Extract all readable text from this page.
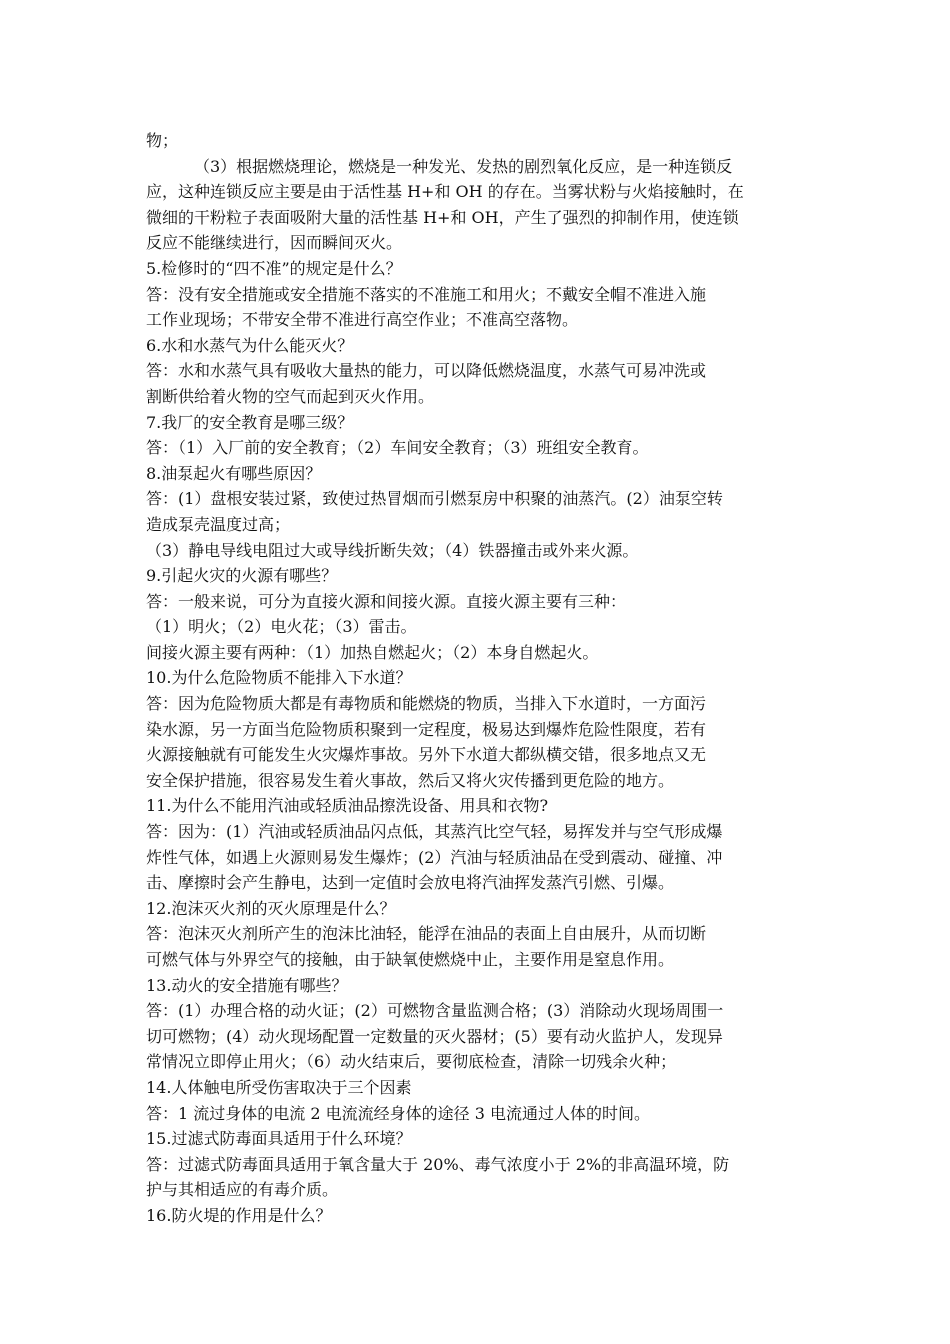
物；
（3）根据燃烧理论，燃烧是一种发光、发热的剧烈氧化反应，是一种连锁反
应，这种连锁反应主要是由于活性基 H+和 OH 的存在。当雾状粉与火焰接触时，在
微细的干粉粒子表面吸附大量的活性基 H+和 OH，产生了强烈的抑制作用，使连锁
反应不能继续进行，因而瞬间灭火。
5.检修时的“四不准”的规定是什么？
答：没有安全措施或安全措施不落实的不准施工和用火；不戴安全帽不准进入施
工作业现场；不带安全带不准进行高空作业；不准高空落物。
6.水和水蒸气为什么能灭火？
答：水和水蒸气具有吸收大量热的能力，可以降低燃烧温度，水蒸气可易冲洗或
割断供给着火物的空气而起到灭火作用。
7.我厂的安全教育是哪三级？
答：（1）入厂前的安全教育；（2）车间安全教育；（3）班组安全教育。
8.油泵起火有哪些原因？
答：(1）盘根安装过紧，致使过热冒烟而引燃泵房中积聚的油蒸汽。(2）油泵空转
造成泵壳温度过高；
（3）静电导线电阻过大或导线折断失效；（4）铁器撞击或外来火源。
9.引起火灾的火源有哪些？
答：一般来说，可分为直接火源和间接火源。直接火源主要有三种：
（1）明火；（2）电火花；（3）雷击。
间接火源主要有两种：（1）加热自燃起火；（2）本身自燃起火。
10.为什么危险物质不能排入下水道？
答：因为危险物质大都是有毒物质和能燃烧的物质，当排入下水道时，一方面污
染水源，另一方面当危险物质积聚到一定程度，极易达到爆炸危险性限度，若有
火源接触就有可能发生火灾爆炸事故。另外下水道大都纵横交错，很多地点又无
安全保护措施，很容易发生着火事故，然后又将火灾传播到更危险的地方。
11.为什么不能用汽油或轻质油品擦洗设备、用具和衣物?
答：因为：(1）汽油或轻质油品闪点低，其蒸汽比空气轻，易挥发并与空气形成爆
炸性气体，如遇上火源则易发生爆炸；(2）汽油与轻质油品在受到震动、碰撞、冲
击、摩擦时会产生静电，达到一定值时会放电将汽油挥发蒸汽引燃、引爆。
12.泡沫灭火剂的灭火原理是什么？
答：泡沫灭火剂所产生的泡沫比油轻，能浮在油品的表面上自由展升，从而切断
可燃气体与外界空气的接触，由于缺氧使燃烧中止，主要作用是窒息作用。
13.动火的安全措施有哪些？
答：(1）办理合格的动火证；(2）可燃物含量监测合格；(3）消除动火现场周围一
切可燃物；(4）动火现场配置一定数量的灭火器材；(5）要有动火监护人，发现异
常情况立即停止用火；（6）动火结束后，要彻底检查，清除一切残余火种；
14.人体触电所受伤害取决于三个因素
答：1 流过身体的电流 2 电流流经身体的途径 3 电流通过人体的时间。
15.过滤式防毒面具适用于什么环境？
答：过滤式防毒面具适用于氧含量大于 20%、毒气浓度小于 2%的非高温环境，防
护与其相适应的有毒介质。
16.防火堤的作用是什么？
